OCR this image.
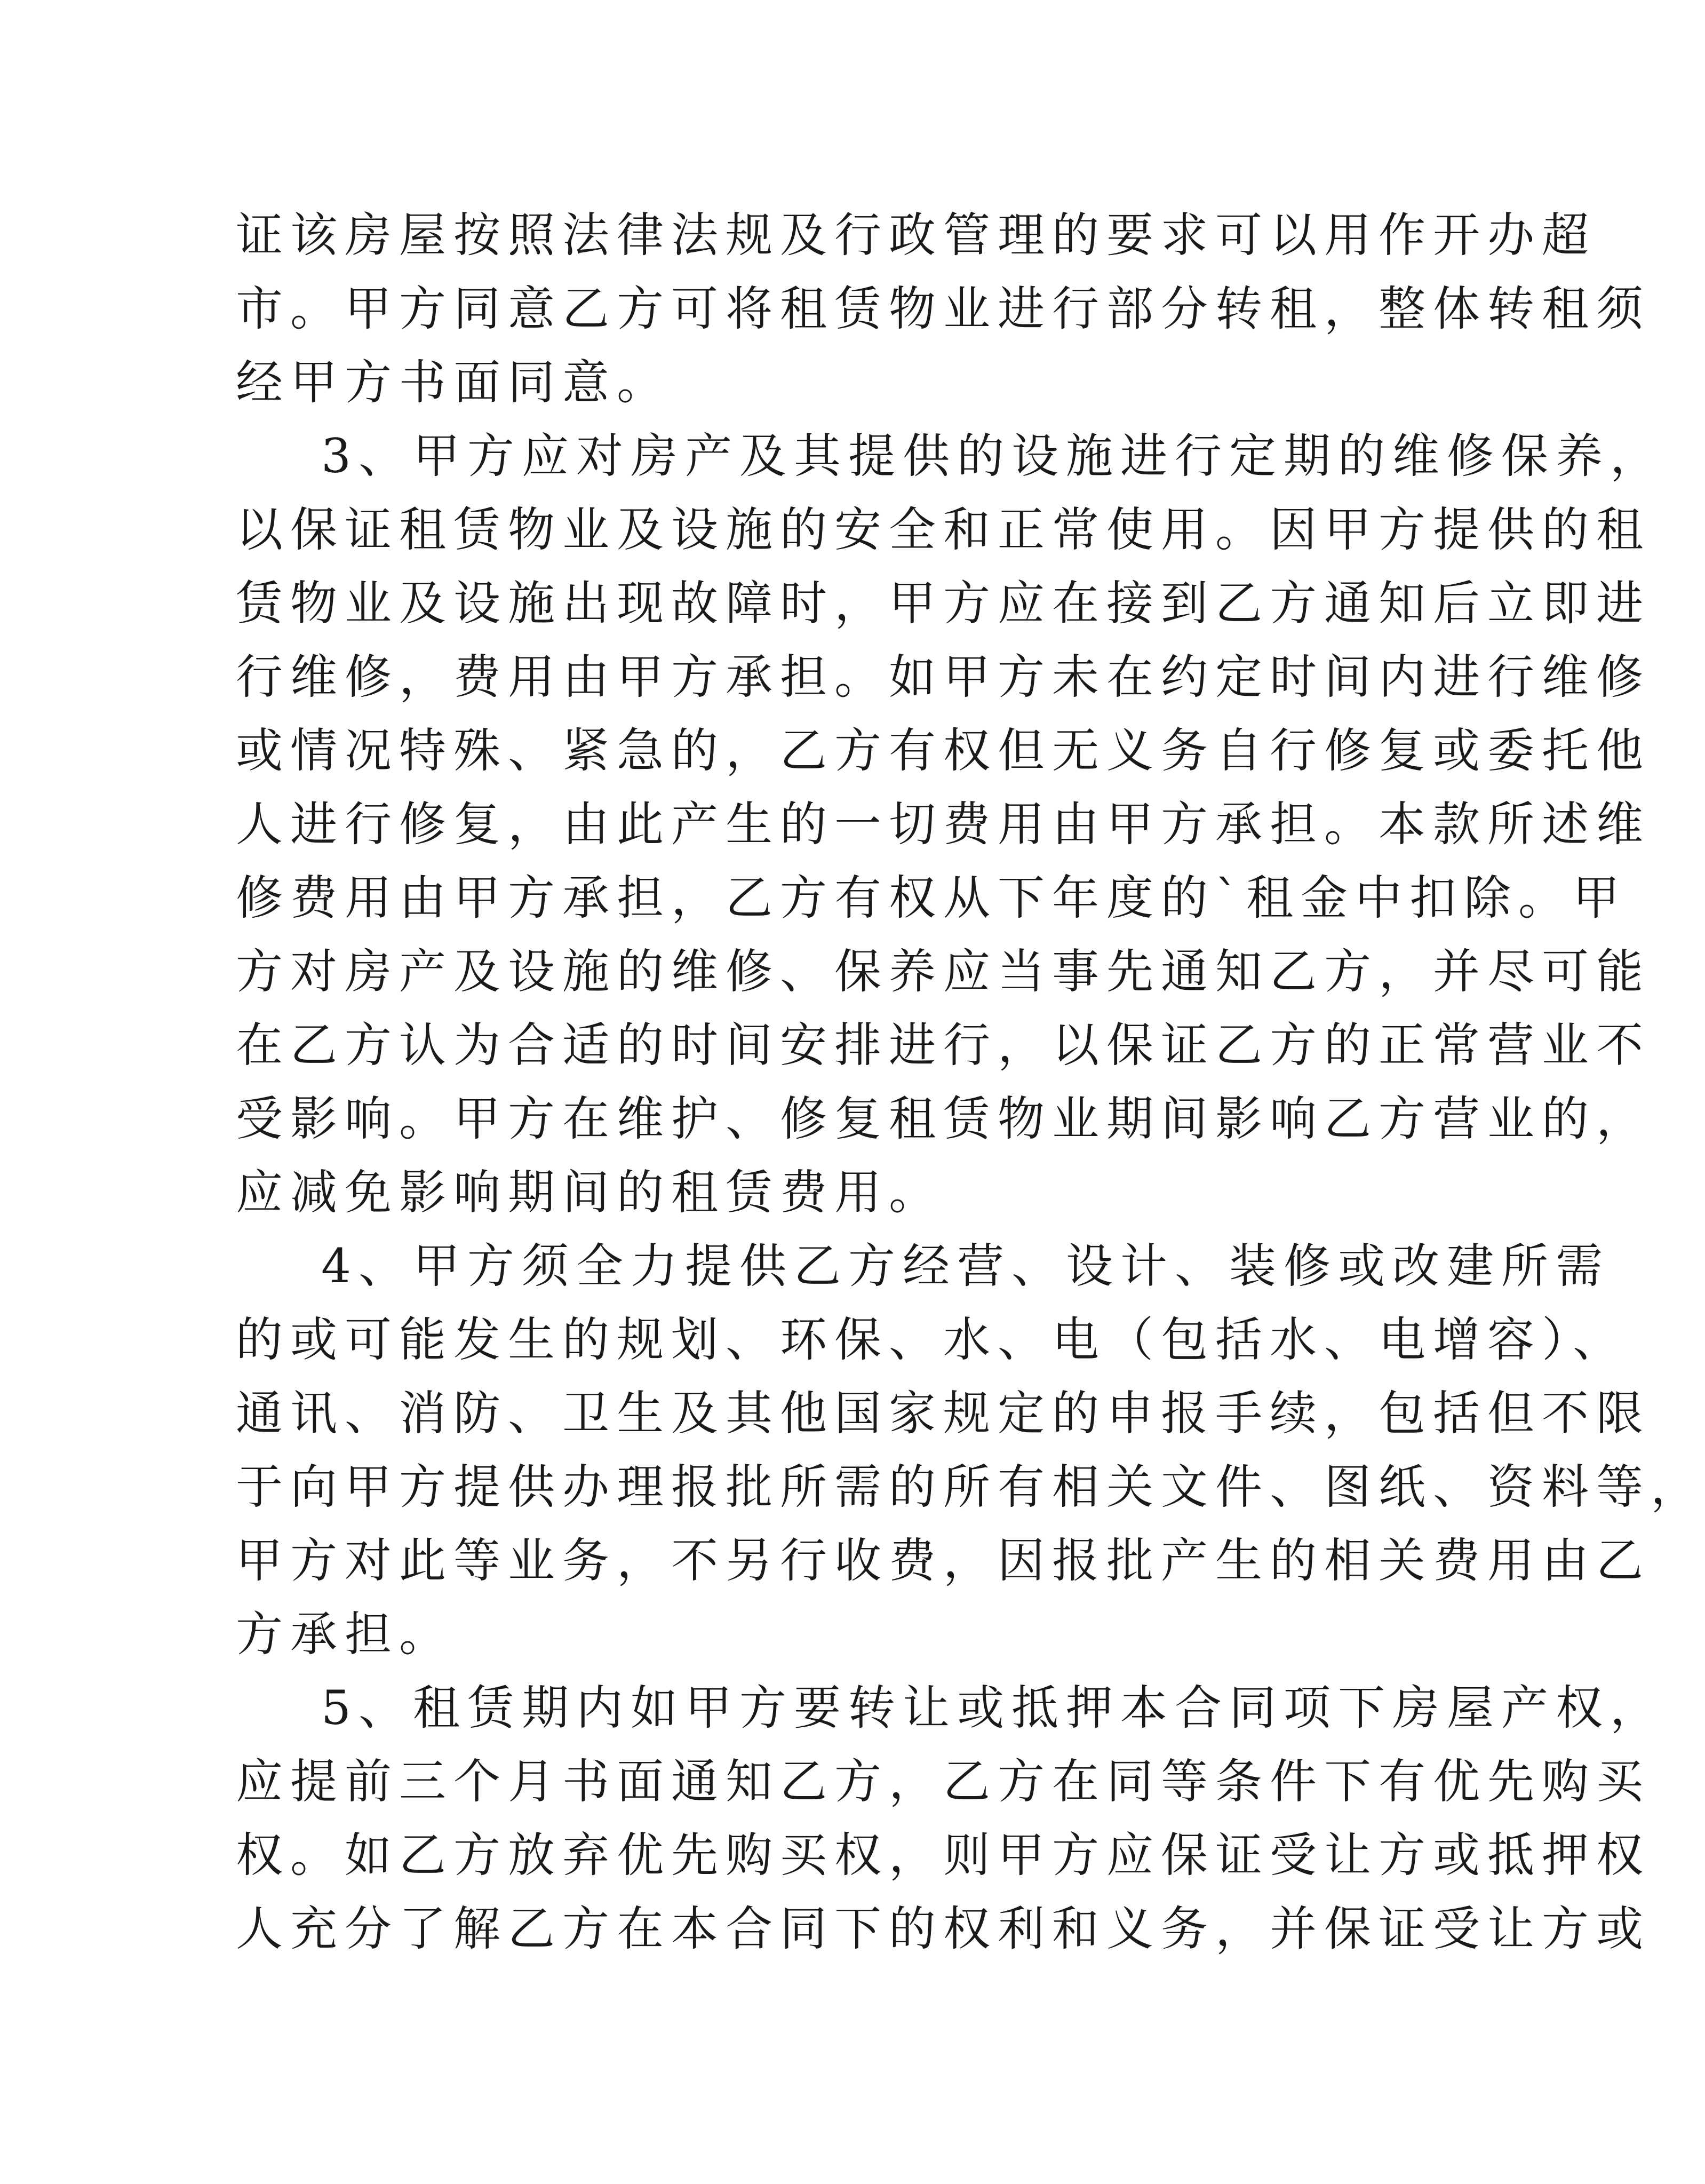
证该房屋按照法律法规及行政管理的要求可以用作开办超
市。甲方同意乙方可将租赁物业进行部分转租，整体转租须
经甲方书面同意。
3、甲方应对房产及其提供的设施进行定期的维修保养，
以保证租赁物业及设施的安全和正常使用。因甲方提供的租
赁物业及设施出现故障时，甲方应在接到乙方通知后立即进
行维修，费用由甲方承担。如甲方未在约定时间内进行维修
或情况特殊、紧急的，乙方有权但无义务自行修复或委托他
人进行修复，由此产生的一切费用由甲方承担。本款所述维
修费用由甲方承担，乙方有权从下年度的`租金中扣除。甲
方对房产及设施的维修、保养应当事先通知乙方，并尽可能
在乙方认为合适的时间安排进行，以保证乙方的正常营业不
受影响。甲方在维护、修复租赁物业期间影响乙方营业的，
应减免影响期间的租赁费用。
4、甲方须全力提供乙方经营、设计、装修或改建所需
的或可能发生的规划、环保、水、电（包括水、电增容）、
通讯、消防、卫生及其他国家规定的申报手续，包括但不限
于向甲方提供办理报批所需的所有相关文件、图纸、资料等，
甲方对此等业务，不另行收费，因报批产生的相关费用由乙
方承担。
5、租赁期内如甲方要转让或抵押本合同项下房屋产权，
应提前三个月书面通知乙方，乙方在同等条件下有优先购买
权。如乙方放弃优先购买权，则甲方应保证受让方或抵押权
人充分了解乙方在本合同下的权利和义务，并保证受让方或
